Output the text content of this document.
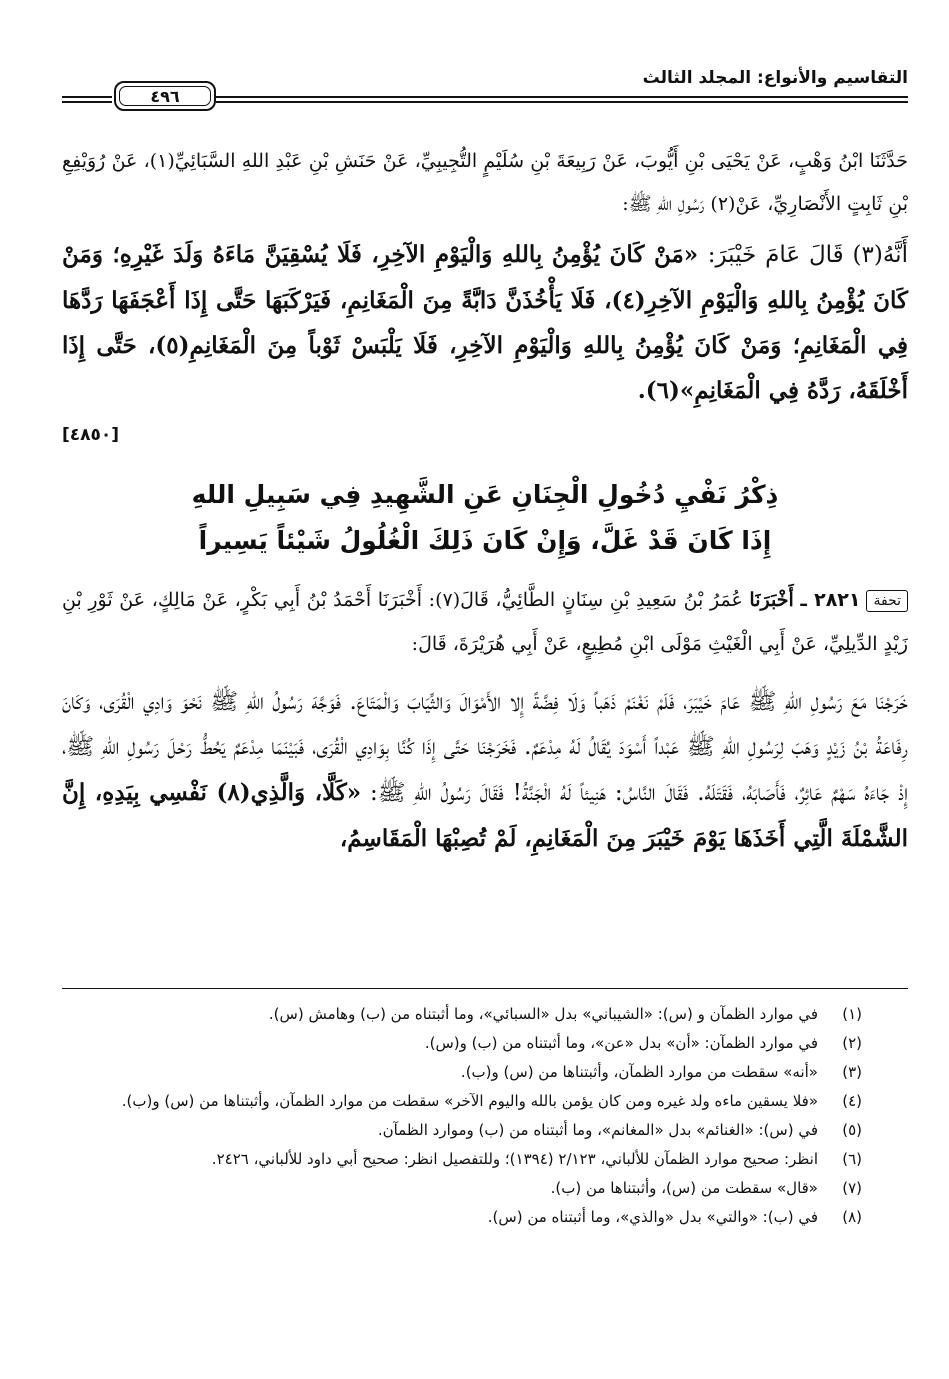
التقاسيم والأنواع: المجلد الثالث
٤٩٦
حَدَّثَنَا ابْنُ وَهْبٍ، عَنْ يَحْيَى بْنِ أَيُّوبَ، عَنْ رَبِيعَةَ بْنِ سُلَيْمٍ التُّجِيبِيِّ، عَنْ حَنَشِ بْنِ عَبْدِ اللهِ السَّبَائِيِّ(١)، عَنْ رُوَيْفِعِ بْنِ ثَابِتٍ الأَنْصَارِيِّ، عَنْ(٢) رَسُولِ اللهِ ﷺ:
أَنَّهُ(٣) قَالَ عَامَ خَيْبَرَ: «مَنْ كَانَ يُؤْمِنُ بِاللهِ وَالْيَوْمِ الآخِرِ، فَلَا يُسْقِيَنَّ مَاءَهُ وَلَدَ غَيْرِهِ؛ وَمَنْ كَانَ يُؤْمِنُ بِاللهِ وَالْيَوْمِ الآخِرِ(٤)، فَلَا يَأْخُذَنَّ دَابَّةً مِنَ الْمَغَانِمِ، فَيَرْكَبَهَا حَتَّى إِذَا أَعْجَفَهَا رَدَّهَا فِي الْمَغَانِمِ؛ وَمَنْ كَانَ يُؤْمِنُ بِاللهِ وَالْيَوْمِ الآخِرِ، فَلَا يَلْبَسْ ثَوْباً مِنَ الْمَغَانِمِ(٥)، حَتَّى إِذَا أَخْلَقَهُ، رَدَّهُ فِي الْمَغَانِمِ»(٦).
[٤٨٥٠]
ذِكْرُ نَفْيِ دُخُولِ الْجِنَانِ عَنِ الشَّهِيدِ فِي سَبِيلِ اللهِ
إِذَا كَانَ قَدْ غَلَّ، وَإِنْ كَانَ ذَلِكَ الْغُلُولُ شَيْئاً يَسِيراً
تحفة٢٨٢١ ـ أَخْبَرَنَا عُمَرُ بْنُ سَعِيدِ بْنِ سِنَانٍ الطَّائِيُّ، قَالَ(٧): أَخْبَرَنَا أَحْمَدُ بْنُ أَبِي بَكْرٍ، عَنْ مَالِكٍ، عَنْ ثَوْرِ بْنِ زَيْدٍ الدِّيلِيِّ، عَنْ أَبِي الْغَيْثِ مَوْلَى ابْنِ مُطِيعٍ، عَنْ أَبِي هُرَيْرَةَ، قَالَ:
خَرَجْنَا مَعَ رَسُولِ اللهِ ﷺ عَامَ خَيْبَرَ، فَلَمْ نَغْنَمْ ذَهَباً وَلَا فِضَّةً إِلا الأَمْوَالَ وَالثِّيَابَ وَالْمَتَاعَ. فَوَجَّهَ رَسُولُ اللهِ ﷺ نَحْوَ وَادِي الْقُرَى، وَكَانَ رِفَاعَةُ بْنُ زَيْدٍ وَهَبَ لِرَسُولِ اللهِ ﷺ عَبْداً أَسْوَدَ يُقَالُ لَهُ مِدْعَمٌ. فَخَرَجْنَا حَتَّى إِذَا كُنَّا بِوَادِي الْقُرَى، فَبَيْنَمَا مِدْعَمٌ يَحُطُّ رَحْلَ رَسُولِ اللهِ ﷺ، إِذْ جَاءَهُ سَهْمٌ عَائِرٌ، فَأَصَابَهُ، فَقَتَلَهُ. فَقَالَ النَّاسُ: هَنِيئاً لَهُ الْجَنَّةُ! فَقَالَ رَسُولُ اللهِ ﷺ: «كَلَّا، وَالَّذِي(٨) نَفْسِي بِيَدِهِ، إِنَّ الشَّمْلَةَ الَّتِي أَخَذَهَا يَوْمَ خَيْبَرَ مِنَ الْمَغَانِمِ، لَمْ تُصِبْهَا الْمَقَاسِمُ،
(١)
في موارد الظمآن و (س): «الشيباني» بدل «السبائي»، وما أثبتناه من (ب) وهامش (س).
(٢)
في موارد الظمآن: «أن» بدل «عن»، وما أثبتناه من (ب) و(س).
(٣)
«أنه» سقطت من موارد الظمآن، وأثبتناها من (س) و(ب).
(٤)
«فلا يسقين ماءه ولد غيره ومن كان يؤمن بالله واليوم الآخر» سقطت من موارد الظمآن، وأثبتناها من (س) و(ب).
(٥)
في (س): «الغنائم» بدل «المغانم»، وما أثبتناه من (ب) وموارد الظمآن.
(٦)
انظر: صحيح موارد الظمآن للألباني، ٢/١٢٣ (١٣٩٤)؛ وللتفصيل انظر: صحيح أبي داود للألباني، ٢٤٢٦.
(٧)
«قال» سقطت من (س)، وأثبتناها من (ب).
(٨)
في (ب): «والتي» بدل «والذي»، وما أثبتناه من (س).
